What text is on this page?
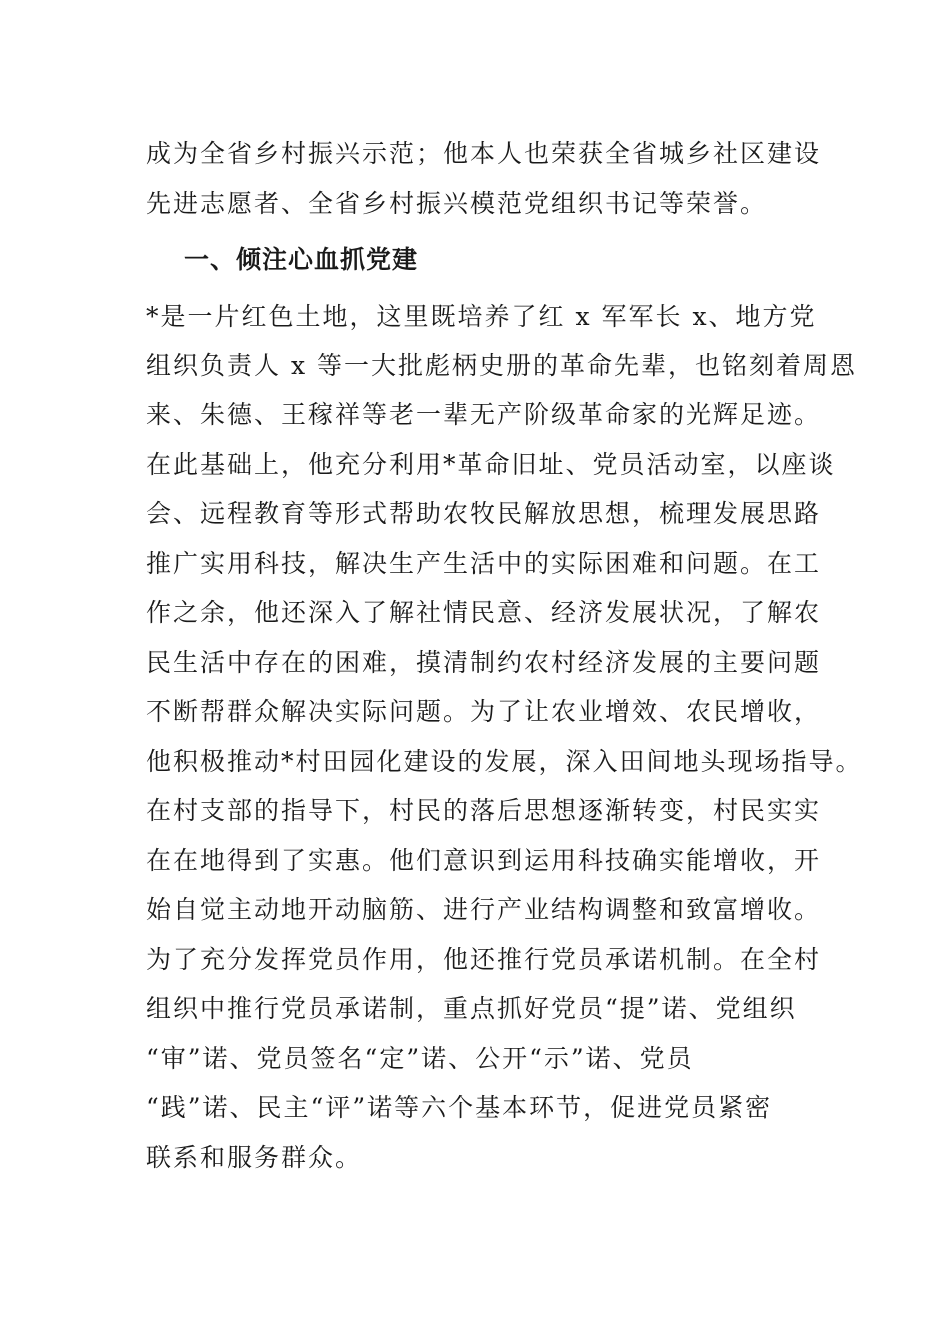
成为全省乡村振兴示范；他本人也荣获全省城乡社区建设
先进志愿者、全省乡村振兴模范党组织书记等荣誉。
一、倾注心血抓党建
*是一片红色土地，这里既培养了红 x 军军长 x、地方党
组织负责人 x 等一大批彪柄史册的革命先辈，也铭刻着周恩
来、朱德、王稼祥等老一辈无产阶级革命家的光辉足迹。
在此基础上，他充分利用*革命旧址、党员活动室，以座谈
会、远程教育等形式帮助农牧民解放思想，梳理发展思路
推广实用科技，解决生产生活中的实际困难和问题。在工
作之余，他还深入了解社情民意、经济发展状况，了解农
民生活中存在的困难，摸清制约农村经济发展的主要问题
不断帮群众解决实际问题。为了让农业增效、农民增收，
他积极推动*村田园化建设的发展，深入田间地头现场指导。
在村支部的指导下，村民的落后思想逐渐转变，村民实实
在在地得到了实惠。他们意识到运用科技确实能增收，开
始自觉主动地开动脑筋、进行产业结构调整和致富增收。
为了充分发挥党员作用，他还推行党员承诺机制。在全村
组织中推行党员承诺制，重点抓好党员“提”诺、党组织
“审”诺、党员签名“定”诺、公开“示”诺、党员
“践”诺、民主“评”诺等六个基本环节，促进党员紧密
联系和服务群众。
